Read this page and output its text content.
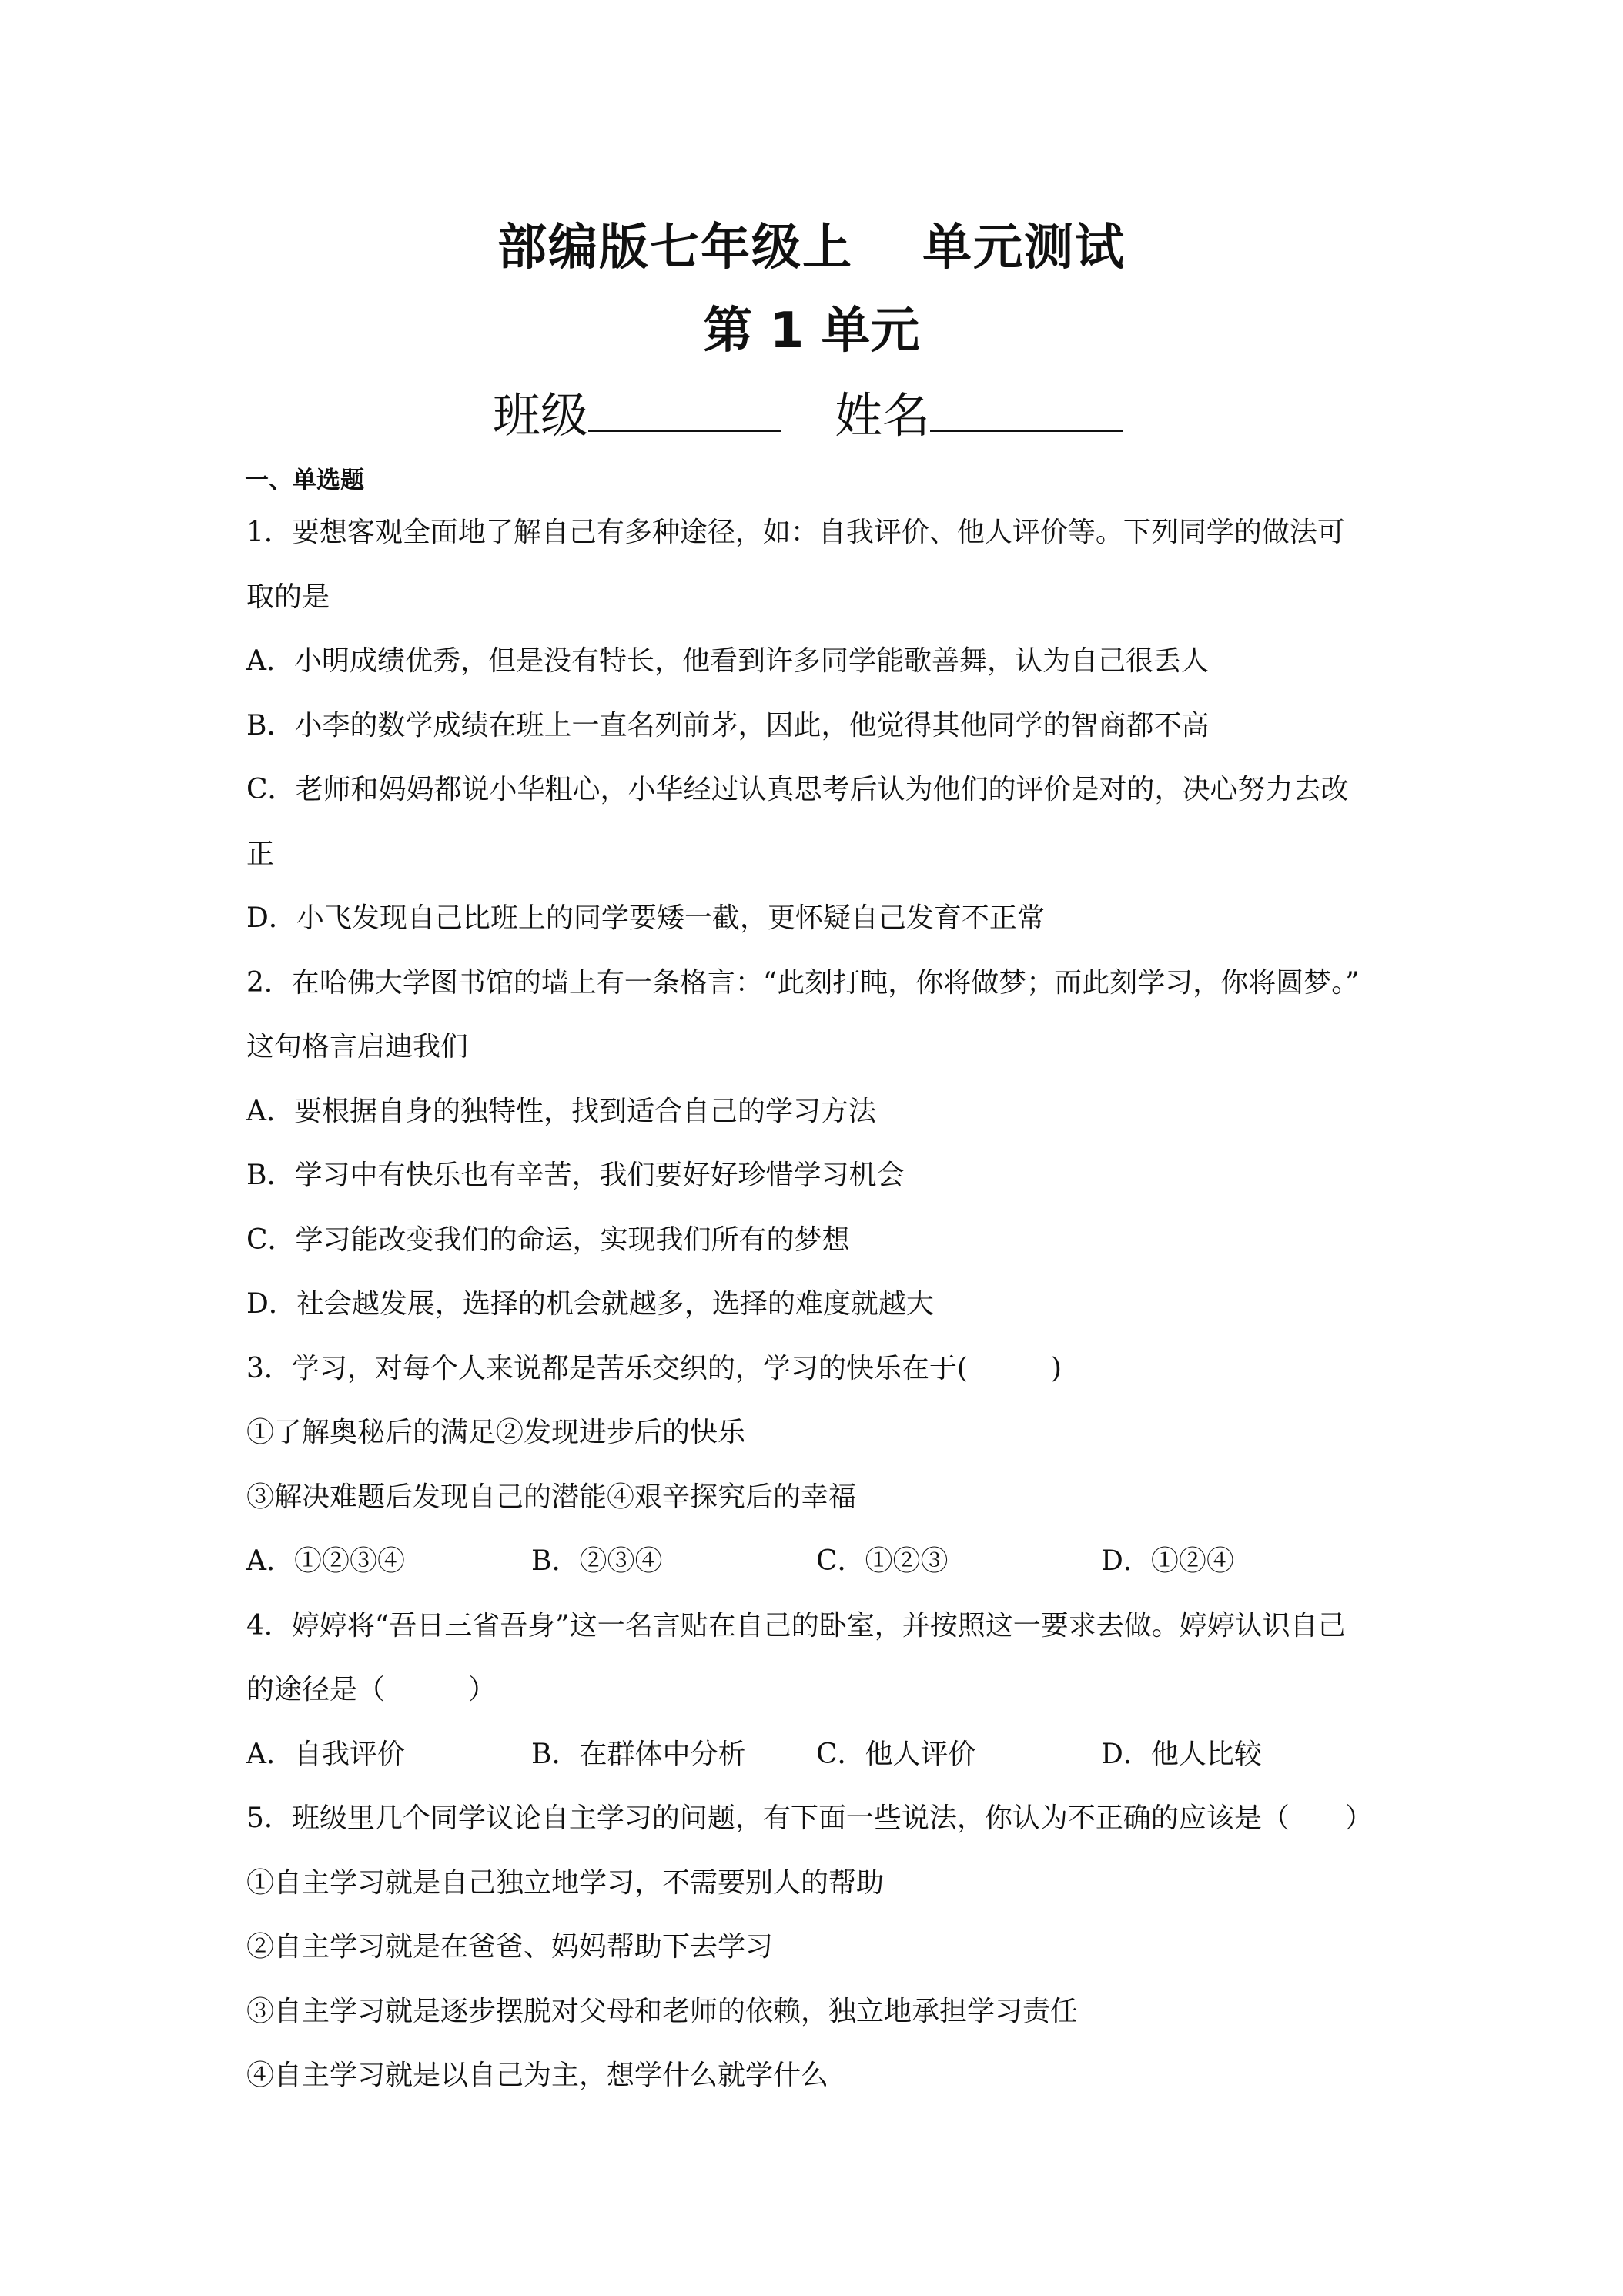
部编版七年级上 单元测试
第 1 单元
班级	姓名
一、单选题
1．要想客观全面地了解自己有多种途径，如：自我评价、他人评价等。下列同学的做法可
取的是
A．小明成绩优秀，但是没有特长，他看到许多同学能歌善舞，认为自己很丢人
B．小李的数学成绩在班上一直名列前茅，因此，他觉得其他同学的智商都不高
C．老师和妈妈都说小华粗心，小华经过认真思考后认为他们的评价是对的，决心努力去改
正
D．小飞发现自己比班上的同学要矮一截，更怀疑自己发育不正常
2．在哈佛大学图书馆的墙上有一条格言：“此刻打盹，你将做梦；而此刻学习，你将圆梦。”
这句格言启迪我们
A．要根据自身的独特性，找到适合自己的学习方法
B．学习中有快乐也有辛苦，我们要好好珍惜学习机会
C．学习能改变我们的命运，实现我们所有的梦想
D．社会越发展，选择的机会就越多，选择的难度就越大
3．学习，对每个人来说都是苦乐交织的，学习的快乐在于(　　　)
①了解奥秘后的满足②发现进步后的快乐
③解决难题后发现自己的潜能④艰辛探究后的幸福
A．①②③④	B．②③④	C．①②③	D．①②④
4．婷婷将“吾日三省吾身”这一名言贴在自己的卧室，并按照这一要求去做。婷婷认识自己
的途径是（　　　）
A．自我评价	B．在群体中分析	C．他人评价	D．他人比较
5．班级里几个同学议论自主学习的问题，有下面一些说法，你认为不正确的应该是（　　）
①自主学习就是自己独立地学习，不需要别人的帮助
②自主学习就是在爸爸、妈妈帮助下去学习
③自主学习就是逐步摆脱对父母和老师的依赖，独立地承担学习责任
④自主学习就是以自己为主，想学什么就学什么
